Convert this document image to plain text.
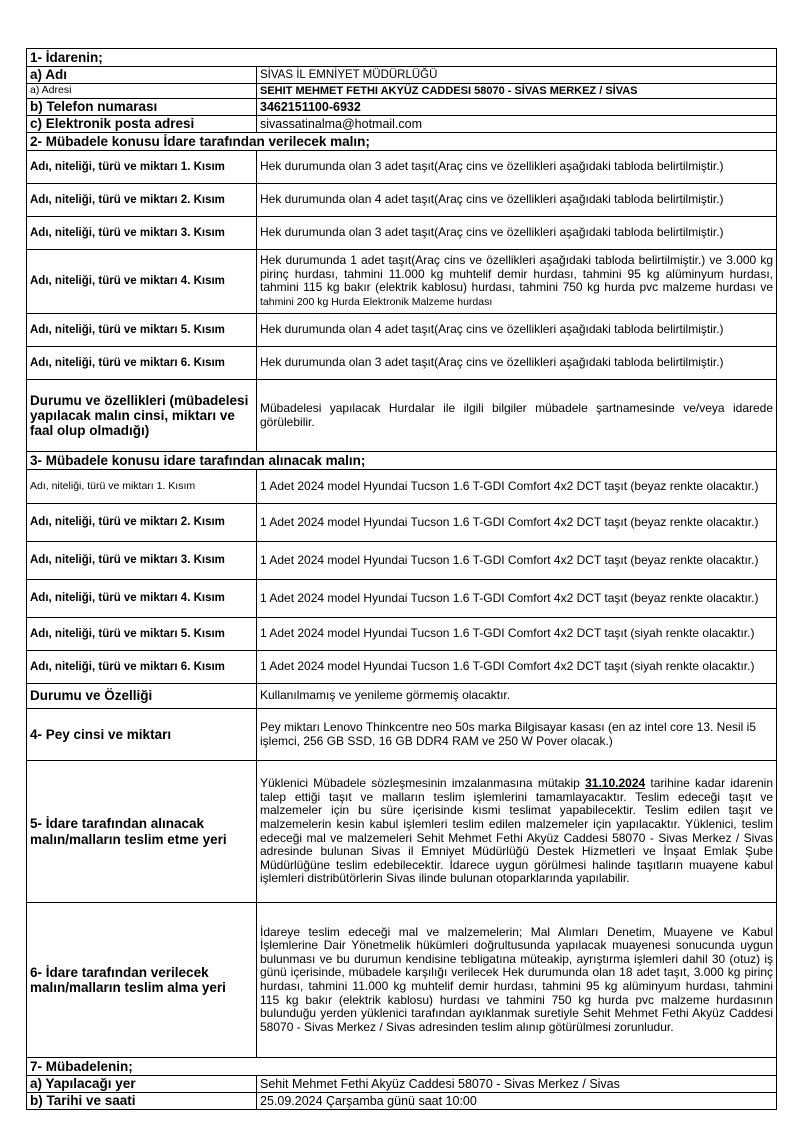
1- İdarenin;	
a) Adı	SİVAS İL EMNİYET MÜDÜRLÜĞÜ
a) Adresi	SEHIT MEHMET FETHI AKYÜZ CADDESI 58070 - SİVAS MERKEZ / SİVAS
b) Telefon numarası	3462151100-6932
c) Elektronik posta adresi	sivassatinalma@hotmail.com
2- Mübadele konusu İdare tarafından verilecek malın;	
Adı, niteliği, türü ve miktarı 1. Kısım	Hek durumunda olan 3 adet taşıt(Araç cins ve özellikleri aşağıdaki tabloda belirtilmiştir.)
Adı, niteliği, türü ve miktarı 2. Kısım	Hek durumunda olan 4 adet taşıt(Araç cins ve özellikleri aşağıdaki tabloda belirtilmiştir.)
Adı, niteliği, türü ve miktarı 3. Kısım	Hek durumunda olan 3 adet taşıt(Araç cins ve özellikleri aşağıdaki tabloda belirtilmiştir.)
Adı, niteliği, türü ve miktarı 4. Kısım	Hek durumunda 1 adet taşıt(Araç cins ve özellikleri aşağıdaki tabloda belirtilmiştir.) ve 3.000 kg pirinç hurdası, tahmini 11.000 kg muhtelif demir hurdası, tahmini 95 kg alüminyum hurdası, tahmini 115 kg bakır (elektrik kablosu) hurdası, tahmini 750 kg hurda pvc malzeme hurdası ve tahmini 200 kg Hurda Elektronik Malzeme hurdası
Adı, niteliği, türü ve miktarı 5. Kısım	Hek durumunda olan 4 adet taşıt(Araç cins ve özellikleri aşağıdaki tabloda belirtilmiştir.)
Adı, niteliği, türü ve miktarı 6. Kısım	Hek durumunda olan 3 adet taşıt(Araç cins ve özellikleri aşağıdaki tabloda belirtilmiştir.)
Durumu ve özellikleri (mübadelesi yapılacak malın cinsi, miktarı ve faal olup olmadığı)	Mübadelesi yapılacak Hurdalar ile ilgili bilgiler mübadele şartnamesinde ve/veya idarede görülebilir.
3- Mübadele konusu idare tarafından alınacak malın;	
Adı, niteliği, türü ve miktarı 1. Kısım	1 Adet 2024 model Hyundai Tucson 1.6 T-GDI Comfort 4x2 DCT taşıt (beyaz renkte olacaktır.)
Adı, niteliği, türü ve miktarı 2. Kısım	1 Adet 2024 model Hyundai Tucson 1.6 T-GDI Comfort 4x2 DCT taşıt (beyaz renkte olacaktır.)
Adı, niteliği, türü ve miktarı 3. Kısım	1 Adet 2024 model Hyundai Tucson 1.6 T-GDI Comfort 4x2 DCT taşıt (beyaz renkte olacaktır.)
Adı, niteliği, türü ve miktarı 4. Kısım	1 Adet 2024 model Hyundai Tucson 1.6 T-GDI Comfort 4x2 DCT taşıt (beyaz renkte olacaktır.)
Adı, niteliği, türü ve miktarı 5. Kısım	1 Adet 2024 model Hyundai Tucson 1.6 T-GDI Comfort 4x2 DCT taşıt (siyah renkte olacaktır.)
Adı, niteliği, türü ve miktarı 6. Kısım	1 Adet 2024 model Hyundai Tucson 1.6 T-GDI Comfort 4x2 DCT taşıt (siyah renkte olacaktır.)
Durumu ve Özelliği	Kullanılmamış ve yenileme görmemiş olacaktır.
4- Pey cinsi ve miktarı	Pey miktarı Lenovo Thinkcentre neo 50s marka Bilgisayar kasası (en az intel core 13. Nesil i5 işlemci, 256 GB SSD, 16 GB DDR4 RAM ve 250 W Pover olacak.)
5- İdare tarafından alınacak malın/malların teslim etme yeri	Yüklenici Mübadele sözleşmesinin imzalanmasına mütakip 31.10.2024 tarihine kadar idarenin talep ettiği taşıt ve malların teslim işlemlerini tamamlayacaktır. Teslim edeceği taşıt ve malzemeler için bu süre içerisinde kısmi teslimat yapabilecektir. Teslim edilen taşıt ve malzemelerin kesin kabul işlemleri teslim edilen malzemeler için yapılacaktır. Yüklenici, teslim edeceği mal ve malzemeleri Sehit Mehmet Fethi Akyüz Caddesi 58070 - Sivas Merkez / Sivas adresinde bulunan Sivas il Emniyet Müdürlüğü Destek Hizmetleri ve İnşaat Emlak Şube Müdürlüğüne teslim edebilecektir. İdarece uygun görülmesi halinde taşıtların muayene kabul işlemleri distribütörlerin Sivas ilinde bulunan otoparklarında yapılabilir.
6- İdare tarafından verilecek malın/malların teslim alma yeri	İdareye teslim edeceği mal ve malzemelerin; Mal Alımları Denetim, Muayene ve Kabul İşlemlerine Dair Yönetmelik hükümleri doğrultusunda yapılacak muayenesi sonucunda uygun bulunması ve bu durumun kendisine tebligatına müteakip, ayrıştırma işlemleri dahil 30 (otuz) iş günü içerisinde, mübadele karşılığı verilecek Hek durumunda olan 18 adet taşıt, 3.000 kg pirinç hurdası, tahmini 11.000 kg muhtelif demir hurdası, tahmini 95 kg alüminyum hurdası, tahmini 115 kg bakır (elektrik kablosu) hurdası ve tahmini 750 kg hurda pvc malzeme hurdasının bulunduğu yerden yüklenici tarafından ayıklanmak suretiyle Sehit Mehmet Fethi Akyüz Caddesi 58070 - Sivas Merkez / Sivas adresinden teslim alınıp götürülmesi zorunludur.
7- Mübadelenin;	
a) Yapılacağı yer	Sehit Mehmet Fethi Akyüz Caddesi 58070 - Sivas Merkez / Sivas
b) Tarihi ve saati	25.09.2024 Çarşamba günü saat 10:00
